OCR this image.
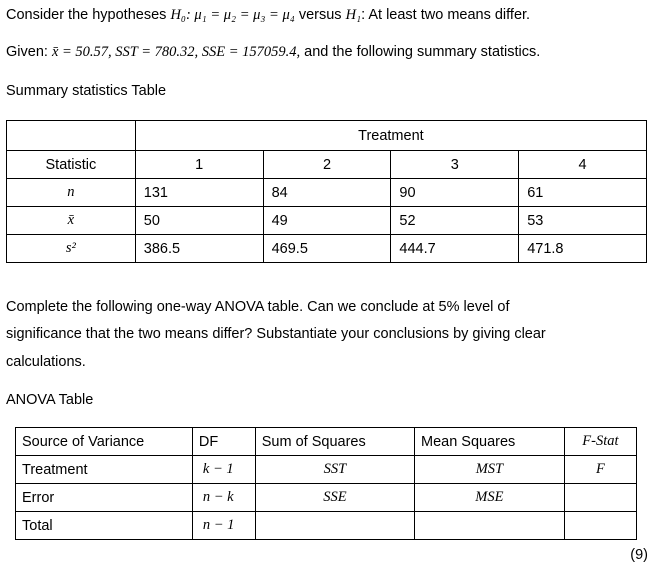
Consider the hypotheses H₀: μ₁ = μ₂ = μ₃ = μ₄ versus H₁: At least two means differ.
Given: x̄ = 50.57, SST = 780.32, SSE = 157059.4, and the following summary statistics.
Summary statistics Table
	Treatment			
Statistic	1	2	3	4
n	131	84	90	61
x̄	50	49	52	53
s²	386.5	469.5	444.7	471.8
Complete the following one-way ANOVA table. Can we conclude at 5% level of
significance that the two means differ? Substantiate your conclusions by giving clear
calculations.
ANOVA Table
Source of Variance	DF	Sum of Squares	Mean Squares	F-Stat
Treatment	k − 1	SST	MST	F
Error	n − k	SSE	MSE	
Total	n − 1			
(9)
